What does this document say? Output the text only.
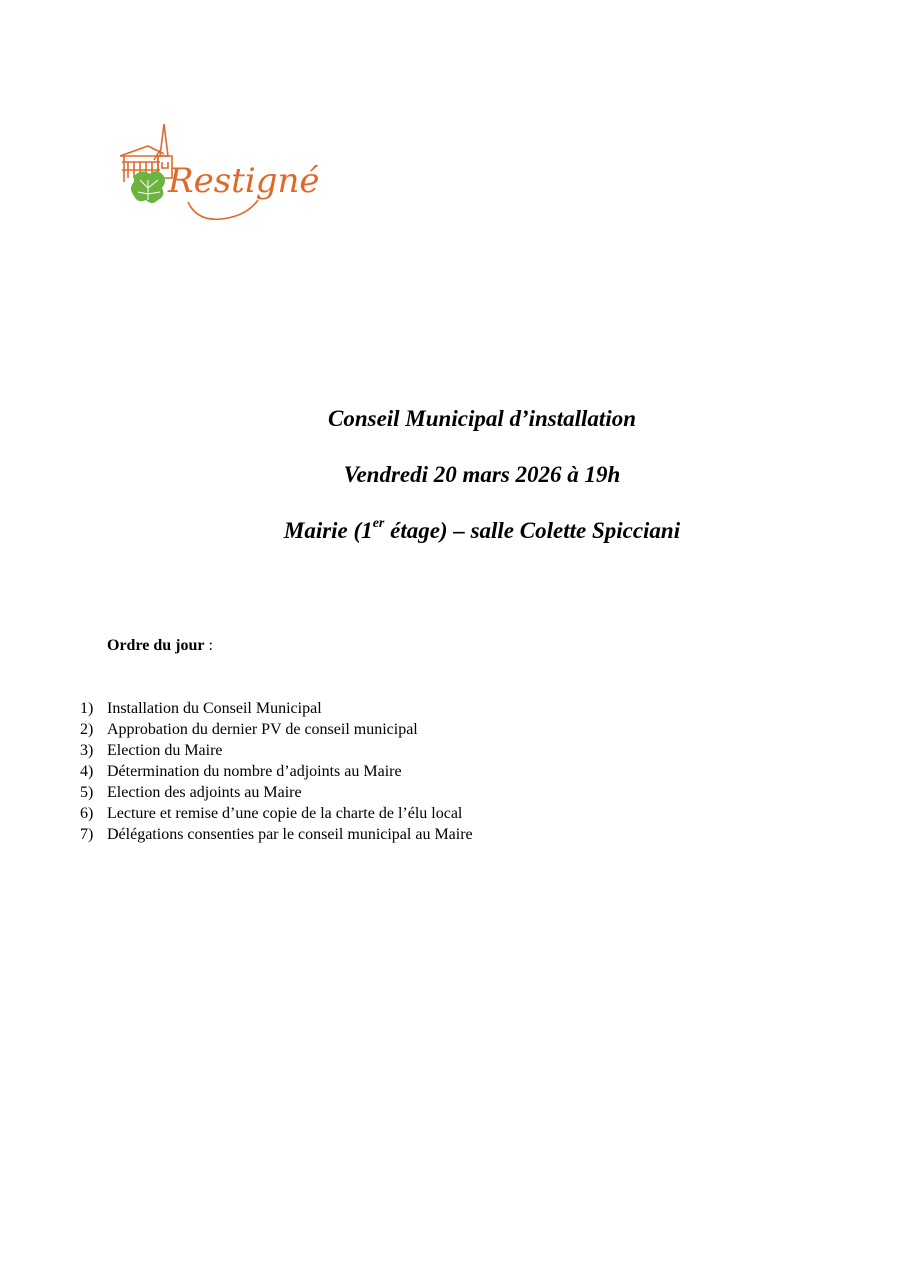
Restigné
Conseil Municipal d’installation
Vendredi 20 mars 2026 à 19h
Mairie (1er étage) – salle Colette Spicciani
Ordre du jour :
1) Installation du Conseil Municipal
2) Approbation du dernier PV de conseil municipal
3) Election du Maire
4) Détermination du nombre d’adjoints au Maire
5) Election des adjoints au Maire
6) Lecture et remise d’une copie de la charte de l’élu local
7) Délégations consenties par le conseil municipal au Maire
